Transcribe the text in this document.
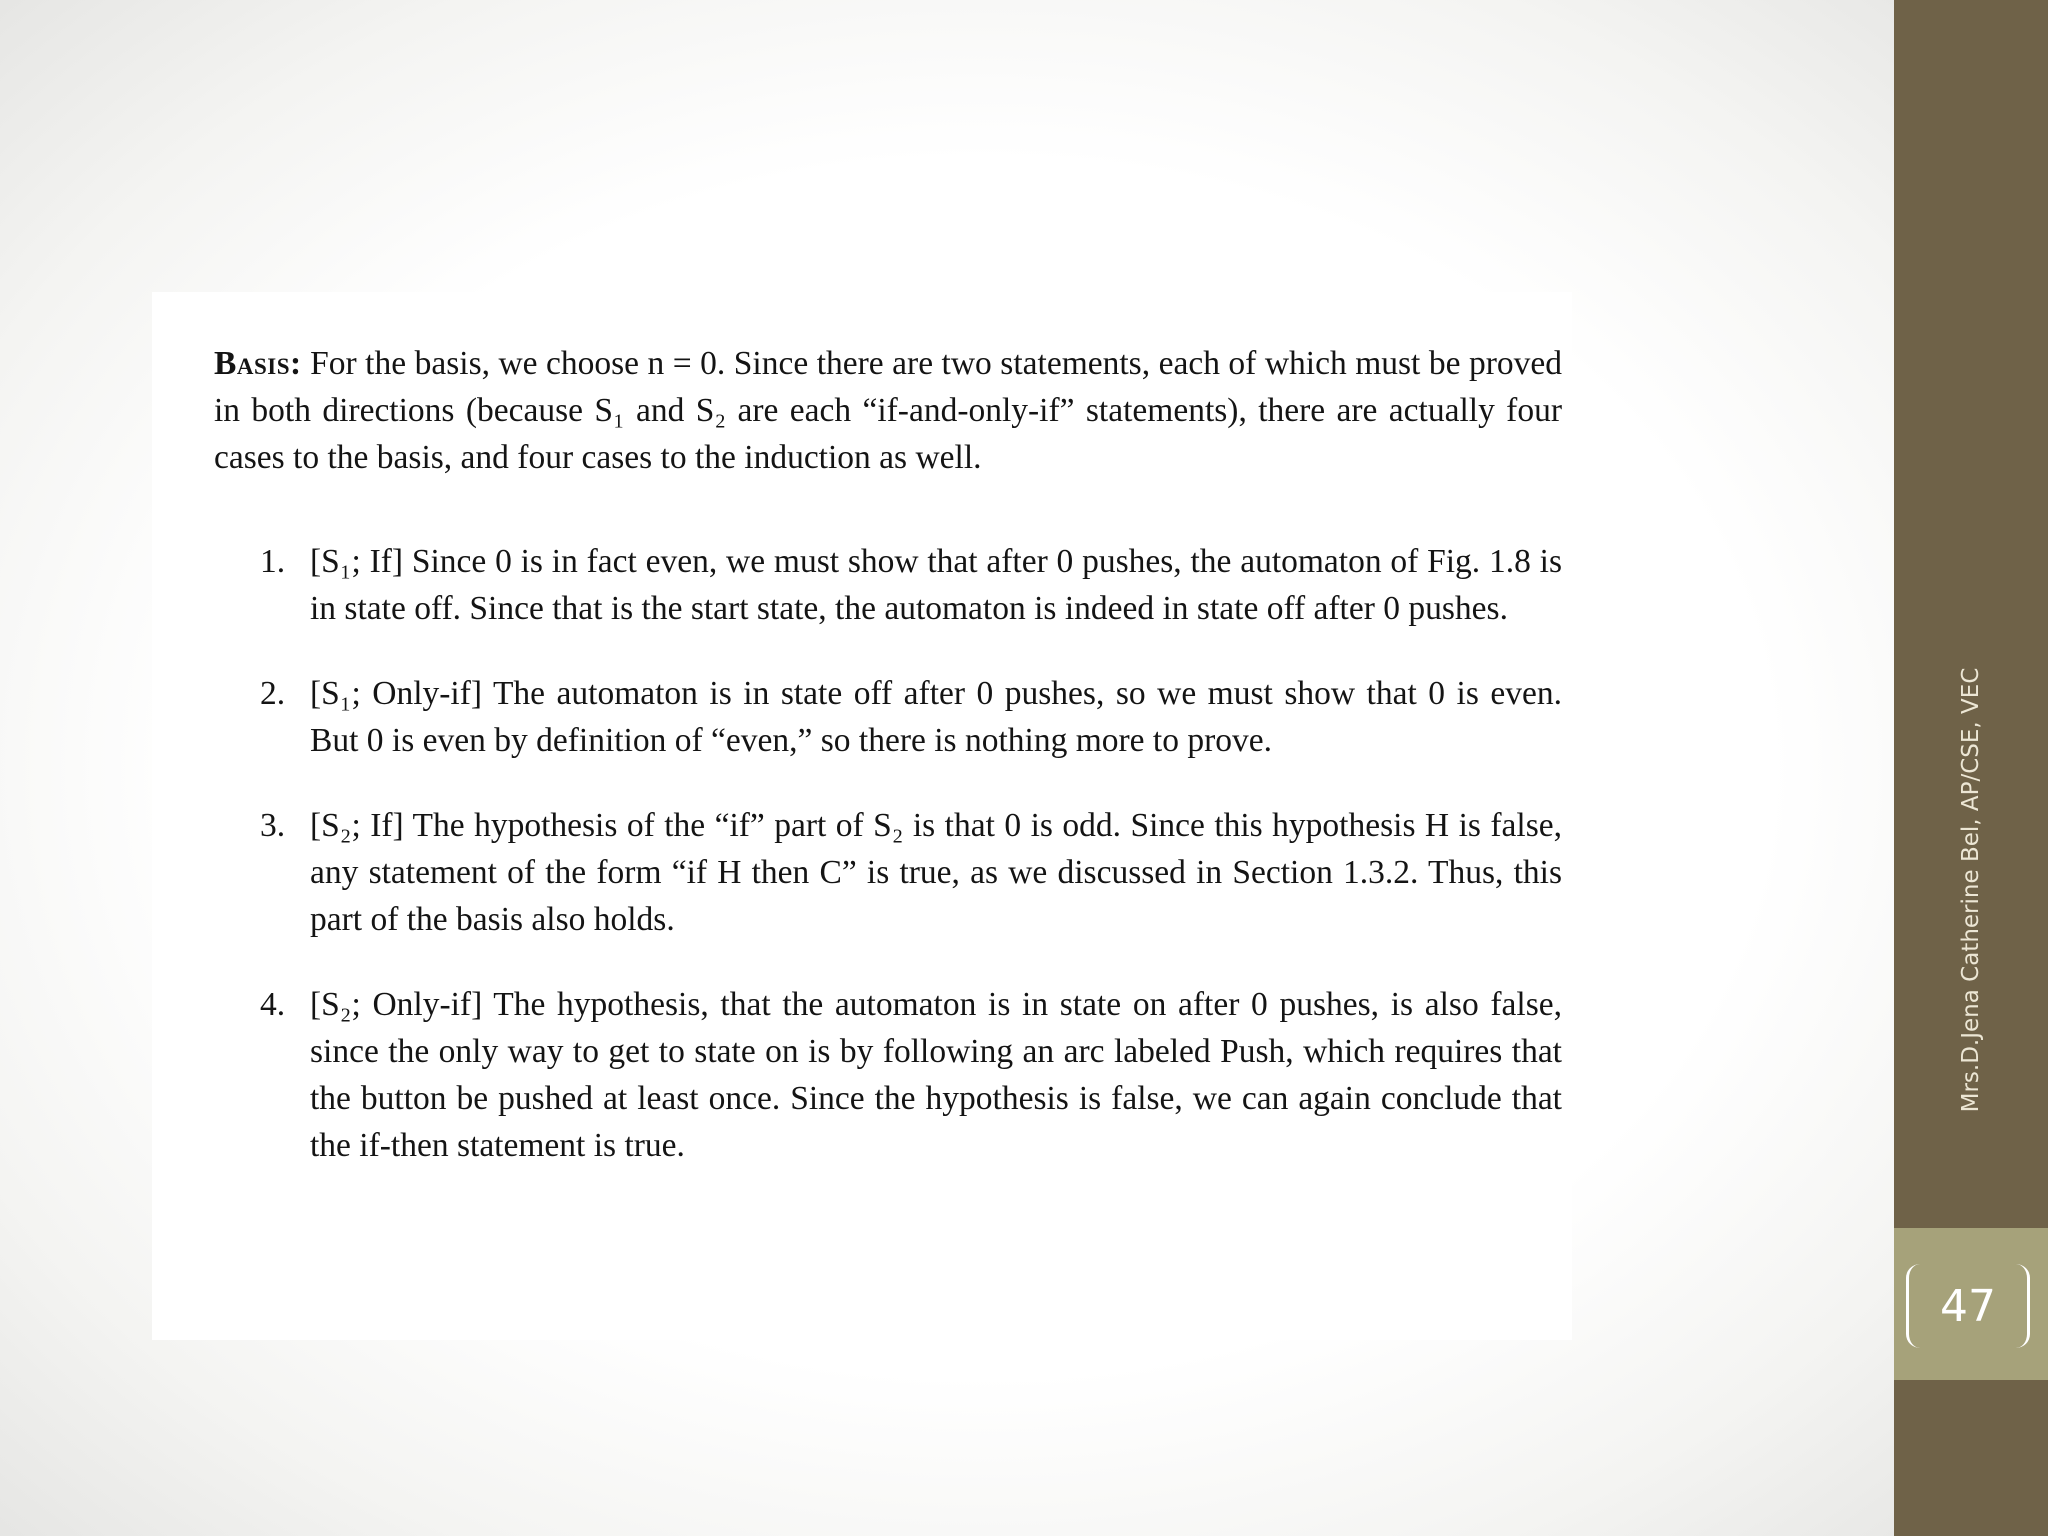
Basis: For the basis, we choose n = 0. Since there are two statements, each of which must be proved in both directions (because S₁ and S₂ are each “if-and-only-if” statements), there are actually four cases to the basis, and four cases to the induction as well.

1. [S₁; If] Since 0 is in fact even, we must show that after 0 pushes, the automaton of Fig. 1.8 is in state off. Since that is the start state, the automaton is indeed in state off after 0 pushes.
2. [S₁; Only-if] The automaton is in state off after 0 pushes, so we must show that 0 is even. But 0 is even by definition of “even,” so there is nothing more to prove.
3. [S₂; If] The hypothesis of the “if” part of S₂ is that 0 is odd. Since this hypothesis H is false, any statement of the form “if H then C” is true, as we discussed in Section 1.3.2. Thus, this part of the basis also holds.
4. [S₂; Only-if] The hypothesis, that the automaton is in state on after 0 pushes, is also false, since the only way to get to state on is by following an arc labeled Push, which requires that the button be pushed at least once. Since the hypothesis is false, we can again conclude that the if-then statement is true.
Mrs.D.Jena Catherine Bel, AP/CSE, VEC
47
